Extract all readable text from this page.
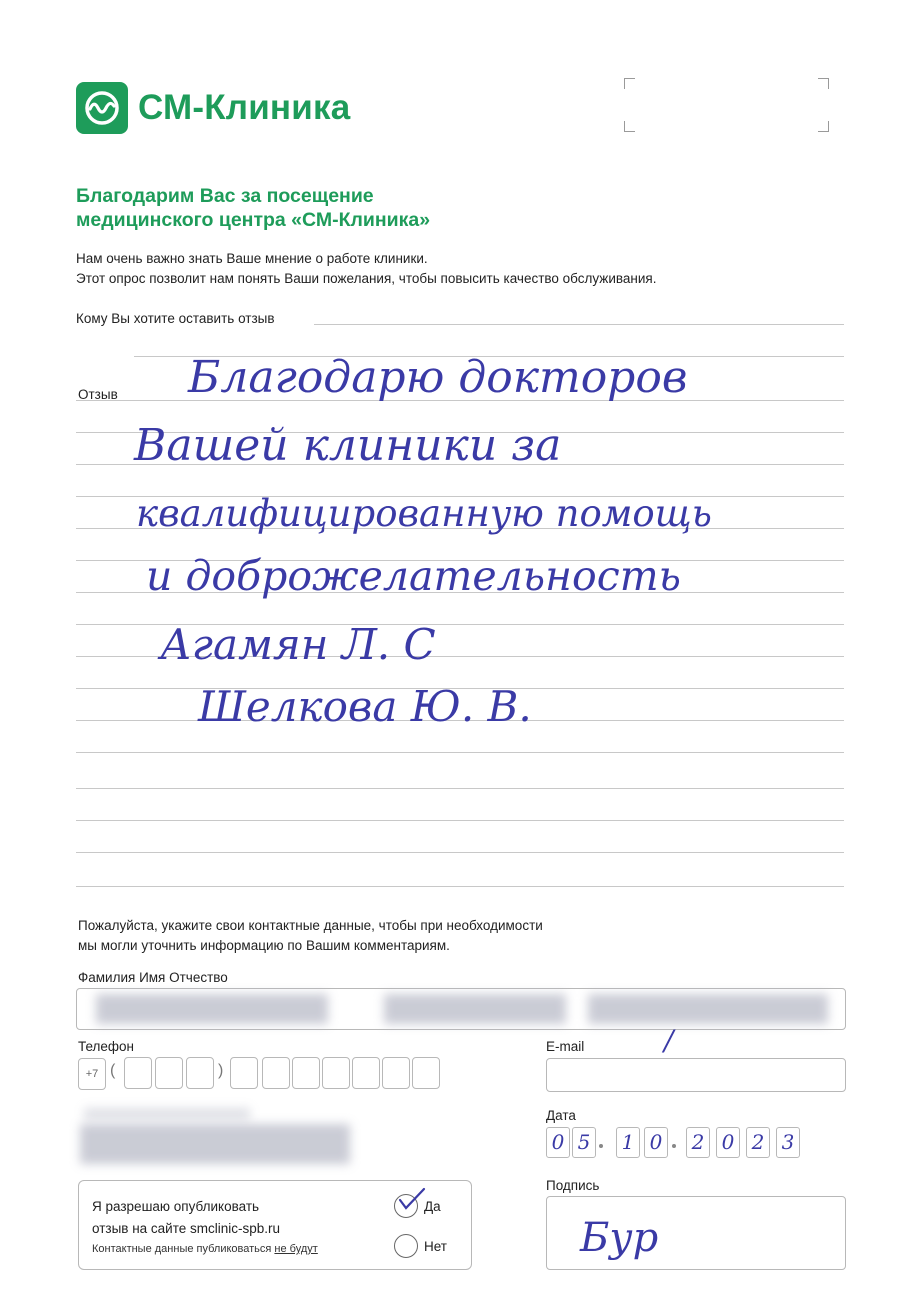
СМ-Клиника
Благодарим Вас за посещение
медицинского центра «СМ-Клиника»
Нам очень важно знать Ваше мнение о работе клиники.
Этот опрос позволит нам понять Ваши пожелания, чтобы повысить качество обслуживания.
Кому Вы хотите оставить отзыв
Отзыв Благодарю докторов
Вашей клиники за
квалифицированную помощь
и доброжелательность
Агамян Л. С
Шелкова Ю. В.
Пожалуйста, укажите свои контактные данные, чтобы при необходимости
мы могли уточнить информацию по Вашим комментариям.
Фамилия Имя Отчество
Телефон
+7 (	)
E-mail	/
Дата
0 5 1 0 2 0 2 3
Я разрешаю опубликовать
отзыв на сайте smclinic-spb.ru
Контактные данные публиковаться не будут
Да
Нет
Подпись
Бур
